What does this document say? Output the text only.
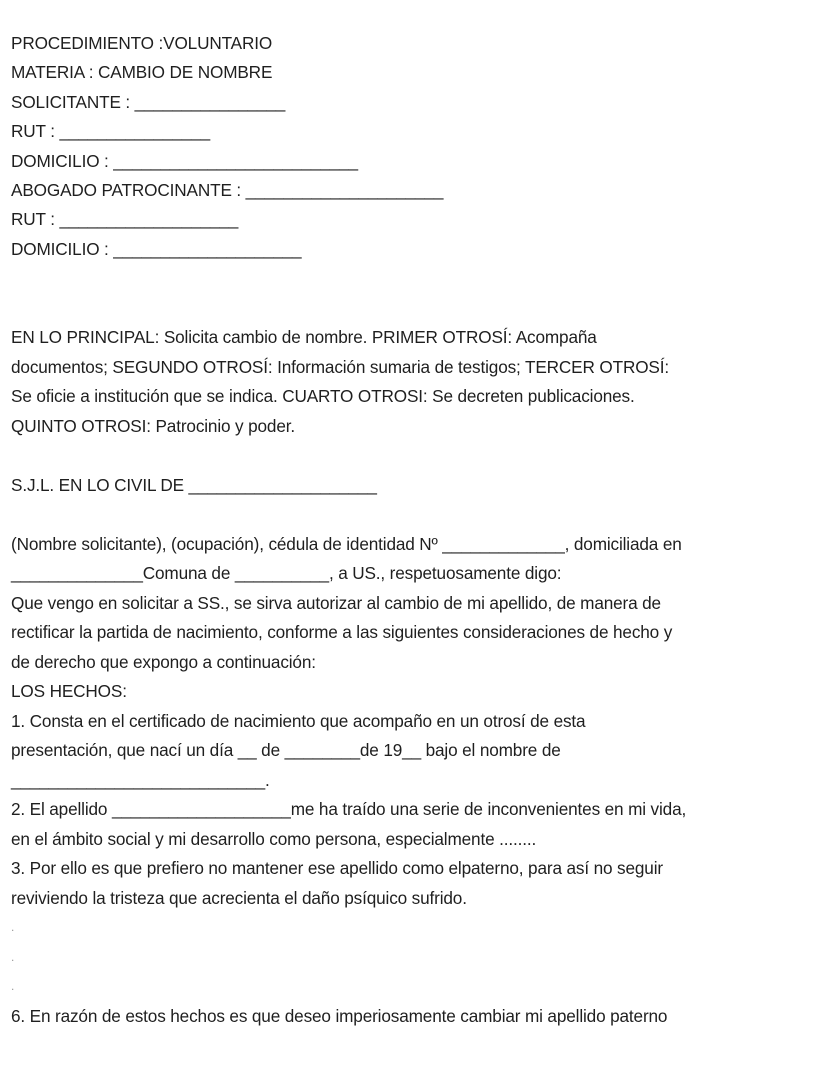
PROCEDIMIENTO :VOLUNTARIO
MATERIA : CAMBIO DE NOMBRE
SOLICITANTE : ________________
RUT : ________________
DOMICILIO : __________________________
ABOGADO PATROCINANTE : _____________________
RUT : ___________________
DOMICILIO : ____________________
EN LO PRINCIPAL: Solicita cambio de nombre. PRIMER OTROSÍ: Acompaña
documentos; SEGUNDO OTROSÍ: Información sumaria de testigos; TERCER OTROSÍ:
Se oficie a institución que se indica. CUARTO OTROSI: Se decreten publicaciones.
QUINTO OTROSI: Patrocinio y poder.
S.J.L. EN LO CIVIL DE ____________________
(Nombre solicitante), (ocupación), cédula de identidad Nº _____________, domiciliada en
______________Comuna de __________, a US., respetuosamente digo:
Que vengo en solicitar a SS., se sirva autorizar al cambio de mi apellido, de manera de
rectificar la partida de nacimiento, conforme a las siguientes consideraciones de hecho y
de derecho que expongo a continuación:
LOS HECHOS:
1. Consta en el certificado de nacimiento que acompaño en un otrosí de esta
presentación, que nací un día __ de ________de 19__ bajo el nombre de
___________________________.
2. El apellido ___________________me ha traído una serie de inconvenientes en mi vida,
en el ámbito social y mi desarrollo como persona, especialmente ........
3. Por ello es que prefiero no mantener ese apellido como elpaterno, para así no seguir
reviviendo la tristeza que acrecienta el daño psíquico sufrido.
.
.
.
6. En razón de estos hechos es que deseo imperiosamente cambiar mi apellido paterno
